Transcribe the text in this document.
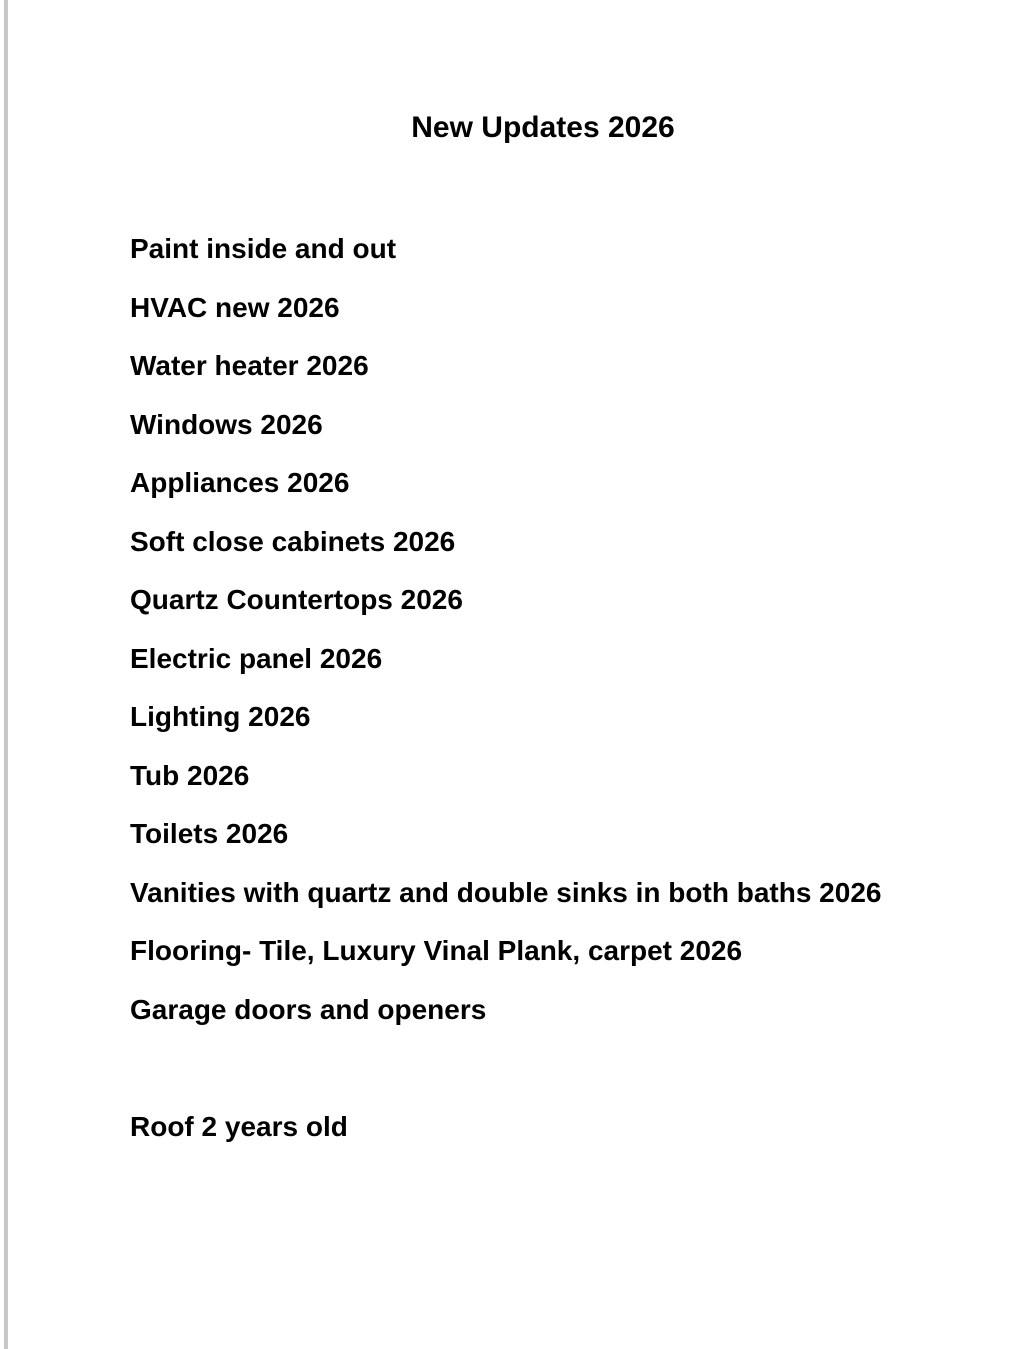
New Updates 2026
Paint inside and out
HVAC new 2026
Water heater 2026
Windows 2026
Appliances 2026
Soft close cabinets 2026
Quartz Countertops 2026
Electric panel 2026
Lighting 2026
Tub 2026
Toilets 2026
Vanities with quartz and double sinks in both baths 2026
Flooring- Tile, Luxury Vinal Plank, carpet 2026
Garage doors and openers
Roof 2 years old
